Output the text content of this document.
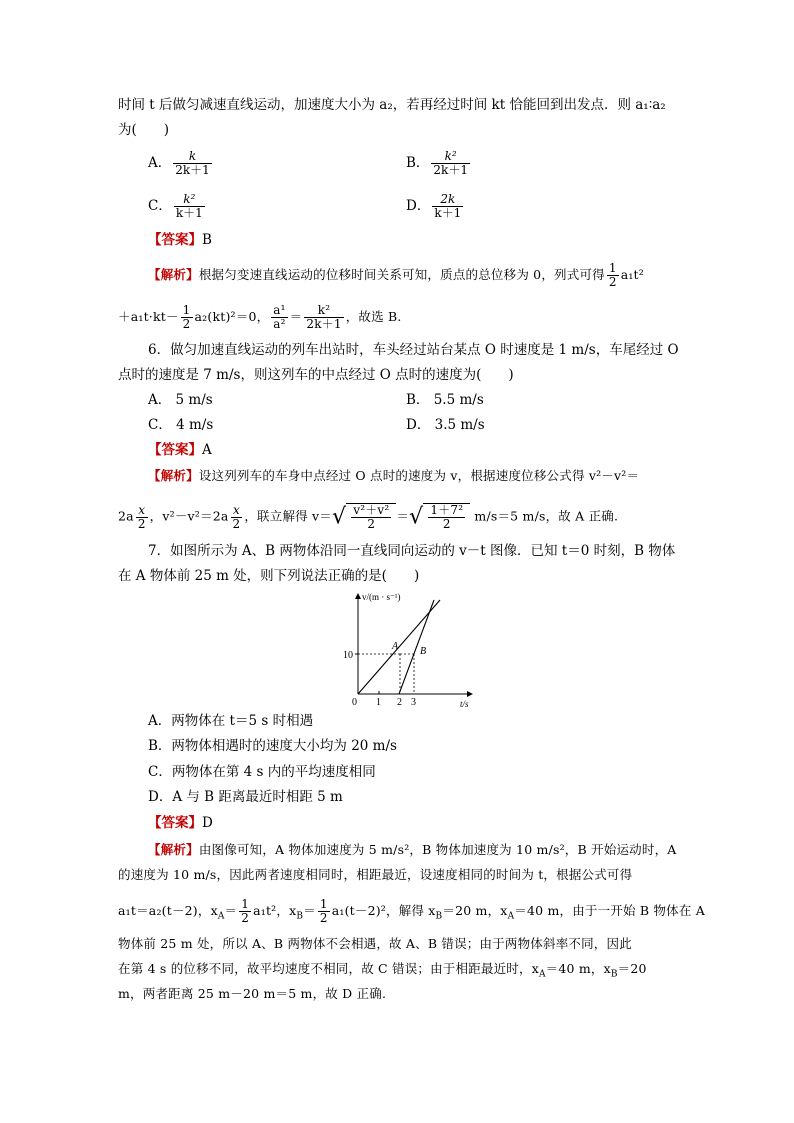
时间 t 后做匀减速直线运动，加速度大小为 a₂，若再经过时间 kt 恰能回到出发点．则 a₁∶a₂
为(　　)
A． $\frac{k}{2k+1}$	B． $\frac{\text{k²}}{2k+1}$
C． $\frac{\text{k²}}{k+1}$	D． $\frac{2k}{k+1}$
【答案】B
【解析】根据匀变速直线运动的位移时间关系可知，质点的总位移为 0，列式可得 $\frac{1}{2} a_1t^2$
$+a_1t\cdot kt- \frac{1}{2} a_2(kt)^2=0$， $\frac{\text{a¹}}{\text{a²}} = \frac{\text{k²}}{2k+1}$ ，故选 B.
6．做匀加速直线运动的列车出站时，车头经过站台某点 O 时速度是 1 m/s，车尾经过 O
点时的速度是 7 m/s，则这列车的中点经过 O 点时的速度为(　　)
A． 5 m/s	B． 5.5 m/s
C． 4 m/s	D． 3.5 m/s
【答案】A
【解析】设这列列车的车身中点经过 O 点时的速度为 v，根据速度位移公式得 v²－v²＝
$2a \frac{x}{2}$ ，$v^2-v^2=2a \frac{x}{2}$ ，联立解得 $v=√ \frac{\text{v²＋v²}}{2}$ ＝√ $\frac{\text{1＋7²}}{2} m/s=5$ m/s，故 A 正确.
7．如图所示为 A、B 两物体沿同一直线同向运动的 v－t 图像．已知 t＝0 时刻，B 物体
在 A 物体前 25 m 处，则下列说法正确的是(　　)
v/(m · s⁻¹)
t/s
10
0 1 2 3
A B
A．两物体在 t＝5 s 时相遇
B．两物体相遇时的速度大小均为 20 m/s
C．两物体在第 4 s 内的平均速度相同
D．A 与 B 距离最近时相距 5 m
【答案】D
【解析】由图像可知，A 物体加速度为 5 m/s²，B 物体加速度为 10 m/s²，B 开始运动时，A
的速度为 10 m/s，因此两者速度相同时，相距最近，设速度相同的时间为 t，根据公式可得
a₁t＝a₂(t－2)，$x_A= \frac{1}{2} a_1t^2$，$x_B= \frac{1}{2} a_1(t-2)^2$，解得 $x_B=20$ m，$x_A=40$ m，由于一开始 B 物体在 A
物体前 25 m 处，所以 A、B 两物体不会相遇，故 A、B 错误；由于两物体斜率不同，因此
在第 4 s 的位移不同，故平均速度不相同，故 C 错误；由于相距最近时，$x_A=40$ m，$x_B=20$
m，两者距离 25 m－20 m＝5 m，故 D 正确.
